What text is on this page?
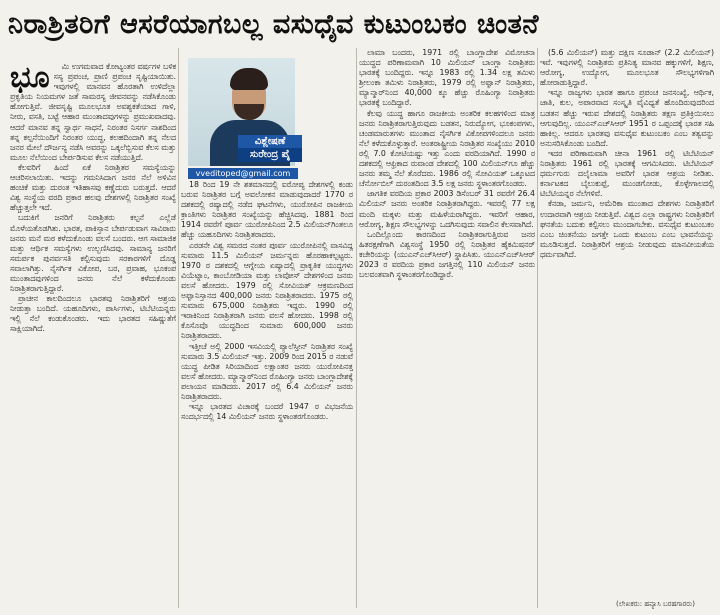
ನಿರಾಶ್ರಿತರಿಗೆ ಆಸರೆಯಾಗಬಲ್ಲ ವಸುಧೈವ ಕುಟುಂಬಕಂ ಚಿಂತನೆ
ಭೂ	ಮಿ ಉಗಮವಾದ ಕೋಟ್ಯಂತರ ವರ್ಷಗಳ ಬಳಿಕ ಸಸ್ಯ ಪ್ರಪಂಚ, ಪ್ರಾಣಿ ಪ್ರಪಂಚ ಸೃಷ್ಟಿಯಾಯಿತು. ಇವುಗಳಲ್ಲಿ ಮಾನವನ ಹೊರತಾಗಿ ಉಳಿದೆಲ್ಲಾ ಪ್ರಕೃತಿಯ ನಿಯಮಗಳ ಜತೆ ಸಾಮರಸ್ಯ ಜೀವನವನ್ನು ನಡೆಸಿಕೊಂಡು ಹೋಗುತ್ತಿವೆ. ಜೀವಸೃಷ್ಟಿ ಮೂಲಭೂತ ಅವಶ್ಯಕತೆಯಾದ ಗಾಳಿ, ನೀರು, ವಸತಿ, ಬಟ್ಟೆ ಆಹಾರ ಮುಂತಾದವುಗಳನ್ನು ಪ್ರಮುಖವಾದವು. ಆದರೆ ಮಾನವ ತನ್ನ ಸ್ವಾರ್ಥ ಸಾಧನೆ, ನಿರಂತರ ನಿಸರ್ಗ ನಾಶದಿಂದ ತನ್ನ ಕಲ್ಪನೆಯಿಂದಿಗೆ ನಿರಂತರ ಯುದ್ಧ, ಕಲಹದಿಂದಾಗಿ ತನ್ನ ನೆಲದ ಜನರ ಮೇಲೆ ದೌರ್ಜನ್ಯ ನಡೆಸಿ ಅವರನ್ನು ಒಕ್ಕಲೆಬ್ಬಿಸುವ ಕೆಲಸ ಮತ್ತು ಮೂಲ ನೆಲೆಯಿಂದ ಬೇರ್ಪಡಿಸುವ ಕೆಲಸ ನಡೆಯುತ್ತಿದೆ.

ಕೆಲವರಿಗೆ ಹಿಂದೆ ಏಕೆ ನಿರಾಶ್ರಿತರ ಸಮಸ್ಯೆಯನ್ನು ಆಚರಿಸಲಾಯಿತು. ಇದನ್ನು ಗಮನಿಸಿದಾಗ ಜನರ ನೆಲೆ ಅಳಿವಿನ ಹಂಚಿಕೆ ಮತ್ತು ದುರಂತ ಇತಿಹಾಸವು ಕಣ್ಣೆದುರು ಬರುತ್ತದೆ. ಆದರೆ ವಿಶ್ವ ಸಂಸ್ಥೆಯ ವರದಿ ಪ್ರಕಾರ ಹಲವು ದೇಶಗಳಲ್ಲಿ ನಿರಾಶ್ರಿತರ ಸಂಖ್ಯೆ ಹೆಚ್ಚುತ್ತಲೇ ಇದೆ.

ಬದುಕಿಗೆ ಜನರಿಗೆ ನಿರಾಶ್ರಿತರು ಕಲ್ಪನೆ ಎಲ್ಲೆಡೆ ಮೊಳೆಯತೊಡಗಿತು. ಭಾರತ, ಪಾಕಿಸ್ತಾನ ಬೇರ್ಪಡುವಾಗ ಸಾವಿರಾರು ಜನರು ಮನೆ ಮಠ ಕಳೆದುಕೊಂಡು ವಲಸೆ ಬಂದರು. ಆಗ ಸಾಮಾಜಿಕ ಮತ್ತು ಆರ್ಥಿಕ ಸಮಸ್ಯೆಗಳು ಉಲ್ಬಣಿಸಿದವು. ಸಾಮಾನ್ಯ ಜನರಿಗೆ ಸಮರ್ಪಕ ಪುನರ್ವಸತಿ ಕಲ್ಪಿಸುವುದು ಸರಕಾರಗಳಿಗೆ ದೊಡ್ಡ ಸವಾಲಾಗಿತ್ತು. ನೈಸರ್ಗಿಕ ವಿಕೋಪ, ಬರ, ಪ್ರವಾಹ, ಭೂಕಂಪ ಮುಂತಾದವುಗಳಿಂದ ಜನರು ನೆಲೆ ಕಳೆದುಕೊಂಡು ನಿರಾಶ್ರಿತರಾಗುತ್ತಿದ್ದಾರೆ.

ಪ್ರಾಚೀನ ಕಾಲದಿಂದಲೂ ಭಾರತವು ನಿರಾಶ್ರಿತರಿಗೆ ಆಶ್ರಯ ನೀಡುತ್ತಾ ಬಂದಿದೆ. ಯಹೂದಿಗಳು, ಪಾರ್ಸಿಗಳು, ಟಿಬೆಟಿಯನ್ನರು ಇಲ್ಲಿ ನೆಲೆ ಕಂಡುಕೊಂಡರು. ಇದು ಭಾರತದ ಸಹಿಷ್ಣುತೆಗೆ ಸಾಕ್ಷಿಯಾಗಿದೆ.

ವಿಶ್ಲೇಷಣೆ
ಸುರೇಂದ್ರ ಪೈ
vveditoped@gmail.com

18 ರಿಂದ 19 ನೇ ಶತಮಾನದಲ್ಲಿ ಐರೋಪ್ಯ ದೇಶಗಳಲ್ಲಿ ಕಂಡು ಬರುವ ನಿರಾಶ್ರಿತರ ಬಗ್ಗೆ ಅವಲೋಕನ ಮಾಡುವುದಾದರೆ 1770 ರ ದಶಕದಲ್ಲಿ ರಷ್ಯಾದಲ್ಲಿ ನಡೆದ ಘಟನೆಗಳು, ಯುರೋಪಿನ ರಾಜಕೀಯ ಕ್ರಾಂತಿಗಳು ನಿರಾಶ್ರಿತರ ಸಂಖ್ಯೆಯನ್ನು ಹೆಚ್ಚಿಸಿದವು. 1881 ರಿಂದ 1914 ರವರೆಗೆ ಪೂರ್ವ ಯುರೋಪಿನಿಂದ 2.5 ಮಿಲಿಯನ್‌ಗಿಂತಲೂ ಹೆಚ್ಚು ಯಹೂದಿಗಳು ನಿರಾಶ್ರಿತರಾದರು.

ಎರಡನೇ ವಿಶ್ವ ಸಮರದ ನಂತರ ಪೂರ್ವ ಯುರೋಪಿನಲ್ಲಿ ವಾಸವಿದ್ದ ಸುಮಾರು 11.5 ಮಿಲಿಯನ್ ಜರ್ಮನ್ನರು ಹೊರಹಾಕಲ್ಪಟ್ಟರು. 1970 ರ ದಶಕದಲ್ಲಿ ಆಗ್ನೇಯ ಏಷ್ಯಾದಲ್ಲಿ ಪ್ರಾಕೃತಿಕ ಯುದ್ಧಗಳು ವಿಯೆಟ್ನಾಂ, ಕಾಂಬೋಡಿಯಾ ಮತ್ತು ಲಾವೋಸ್ ದೇಶಗಳಿಂದ ಜನರು ವಲಸೆ ಹೋದರು. 1979 ರಲ್ಲಿ ಸೋವಿಯತ್ ಆಕ್ರಮಣದಿಂದ ಅಫ್ಘಾನಿಸ್ತಾನದ 400,000 ಜನರು ನಿರಾಶ್ರಿತರಾದರು. 1975 ರಲ್ಲಿ ಸುಮಾರು 675,000 ನಿರಾಶ್ರಿತರು ಇದ್ದರು. 1990 ರಲ್ಲಿ ಇರಾಕಿನಿಂದ ನಿರಾಶ್ರಿತರಾಗಿ ಜನರು ವಲಸೆ ಹೋದರು. 1998 ರಲ್ಲಿ ಕೊಸೊವೊ ಯುದ್ಧದಿಂದ ಸುಮಾರು 600,000 ಜನರು ನಿರಾಶ್ರಿತರಾದರು.

ಇತ್ತೀಚೆ ಅಲ್ಲಿ 2000 ಇಸವಿಯಲ್ಲಿ ಪ್ಯಾಲೆಸ್ತೀನ್ ನಿರಾಶ್ರಿತರ ಸಂಖ್ಯೆ ಸುಮಾರು 3.5 ಮಿಲಿಯನ್ ಇತ್ತು. 2009 ರಿಂದ 2015 ರ ನಡುವೆ ಯುದ್ಧ ಪೀಡಿತ ಸಿರಿಯಾದಿಂದ ಲಕ್ಷಾಂತರ ಜನರು ಯುರೋಪಿನತ್ತ ವಲಸೆ ಹೋದರು. ಮ್ಯಾನ್ಮಾರ್‌ನಿಂದ ರೊಹಿಂಗ್ಯಾ ಜನರು ಬಾಂಗ್ಲಾದೇಶಕ್ಕೆ ಪಲಾಯನ ಮಾಡಿದರು. 2017 ರಲ್ಲಿ 6.4 ಮಿಲಿಯನ್ ಜನರು ನಿರಾಶ್ರಿತರಾದರು.

ಇನ್ನೂ ಭಾರತದ ವಿಚಾರಕ್ಕೆ ಬಂದರೆ 1947 ರ ವಿಭಜನೆಯ ಸಂದರ್ಭದಲ್ಲಿ 14 ಮಿಲಿಯನ್ ಜನರು ಸ್ಥಳಾಂತರಗೊಂಡರು.

ಲಾಮಾ ಬಂದರು, 1971 ರಲ್ಲಿ ಬಾಂಗ್ಲಾದೇಶ ವಿಮೋಚನಾ ಯುದ್ಧದ ಪರಿಣಾಮವಾಗಿ 10 ಮಿಲಿಯನ್ ಬಾಂಗ್ಲಾ ನಿರಾಶ್ರಿತರು ಭಾರತಕ್ಕೆ ಬಂದಿದ್ದರು. ಇನ್ನೂ 1983 ರಲ್ಲಿ 1.34 ಲಕ್ಷ ತಮಿಳು ಶ್ರೀಲಂಕಾ ತಮಿಳು ನಿರಾಶ್ರಿತರು, 1979 ರಲ್ಲಿ ಅಫ್ಘಾನ್ ನಿರಾಶ್ರಿತರು, ಮ್ಯಾನ್ಮಾರ್‌ನಿಂದ 40,000 ಕ್ಕೂ ಹೆಚ್ಚು ರೊಹಿಂಗ್ಯಾ ನಿರಾಶ್ರಿತರು ಭಾರತಕ್ಕೆ ಬಂದಿದ್ದಾರೆ.

ಕೆಲವು ಯುದ್ಧ ಹಾಗೂ ರಾಜಕೀಯ ಅಂತರಿಕ ಕಲಹಗಳಿಂದ ಮಾತ್ರ ಜನರು ನಿರಾಶ್ರಿತರಾಗುತ್ತಿರುವುದು ಬಡತನ, ನಿರುದ್ಯೋಗ, ಭೂಕಂಪಗಳು, ಚಂಡಮಾರುತಗಳು ಮುಂತಾದ ನೈಸರ್ಗಿಕ ವಿಕೋಪಗಳಿಂದಲೂ ಜನರು ನೆಲೆ ಕಳೆದುಕೊಳ್ಳುತ್ತಾರೆ. ಅಂತರಾಷ್ಟ್ರೀಯ ನಿರಾಶ್ರಿತರ ಸಂಖ್ಯೆಯು 2010 ರಲ್ಲಿ 7.0 ಕೋಟಿಯಷ್ಟು ಇತ್ತು ಎಂದು ವರದಿಯಾಗಿದೆ. 1990 ರ ದಶಕದಲ್ಲಿ ಆಫ್ರಿಕಾದ ರುವಾಂಡ ದೇಶದಲ್ಲಿ 100 ಮಿಲಿಯನ್‌ಗೂ ಹೆಚ್ಚು ಜನರು ತಮ್ಮ ನೆಲೆ ತೊರೆದರು. 1986 ರಲ್ಲಿ ಸೋವಿಯತ್ ಒಕ್ಕೂಟದ ಚೆರ್ನೋಬಿಲ್ ದುರಂತದಿಂದ 3.5 ಲಕ್ಷ ಜನರು ಸ್ಥಳಾಂತರಗೊಂಡರು.

ಜಾಗತಿಕ ವರದಿಯ ಪ್ರಕಾರ 2003 ಡಿಸೆಂಬರ್ 31 ರವರೆಗೆ 26.4 ಮಿಲಿಯನ್ ಜನರು ಅಂತರಿಕ ನಿರಾಶ್ರಿತರಾಗಿದ್ದರು. ಇವರಲ್ಲಿ 77 ಲಕ್ಷ ಮಂದಿ ಮಕ್ಕಳು ಮತ್ತು ಮಹಿಳೆಯರಾಗಿದ್ದರು. ಇವರಿಗೆ ಆಹಾರ, ಆರೋಗ್ಯ, ಶಿಕ್ಷಣ ಸೌಲಭ್ಯಗಳನ್ನು ಒದಗಿಸುವುದು ಸವಾಲಿನ ಕೆಲಸವಾಗಿದೆ.

ಒಂದಿಲ್ಲೊಂದು ಕಾರಣದಿಂದ ನಿರಾಶ್ರಿತರಾಗುತ್ತಿರುವ ಜನರ ಹಿತರಕ್ಷಣೆಗಾಗಿ ವಿಶ್ವಸಂಸ್ಥೆ 1950 ರಲ್ಲಿ ನಿರಾಶ್ರಿತರ ಹೈಕಮಿಷನರ್ ಕಚೇರಿಯನ್ನು (ಯುಎನ್‌ಎಚ್‌ಸಿಆರ್) ಸ್ಥಾಪಿಸಿತು. ಯುಎನ್‌ಎಚ್‌ಸಿಆರ್ 2023 ರ ವರದಿಯ ಪ್ರಕಾರ ಜಗತ್ತಿನಲ್ಲಿ 110 ಮಿಲಿಯನ್ ಜನರು ಬಲವಂತವಾಗಿ ಸ್ಥಳಾಂತರಗೊಂಡಿದ್ದಾರೆ.

(5.6 ಮಿಲಿಯನ್) ಮತ್ತು ದಕ್ಷಿಣ ಸೂಡಾನ್ (2.2 ಮಿಲಿಯನ್) ಇವೆ. ಇವುಗಳಲ್ಲಿ ನಿರಾಶ್ರಿತರು ಪ್ರತಿನಿತ್ಯ ಮಾನವ ಹಕ್ಕುಗಳಿಗೆ, ಶಿಕ್ಷಣ, ಆರೋಗ್ಯ, ಉದ್ಯೋಗ, ಮೂಲಭೂತ ಸೌಲಭ್ಯಗಳಿಗಾಗಿ ಹೋರಾಡುತ್ತಿದ್ದಾರೆ.

ಇನ್ನೂ ರಾಜ್ಯಗಳು ಭಾರತ ಹಾಗೂ ಪ್ರಪಂಚ ಜನಸಂಖ್ಯೆ, ಆರ್ಥಿಕ, ಜಾತಿ, ಕುಲ, ಅಪಾರವಾದ ಸಂಸ್ಕೃತಿ ವೈವಿಧ್ಯತೆ ಹೊಂದಿರುವುದರಿಂದ ಬಡತನ ಹೆಚ್ಚು ಇರುವ ದೇಶದಲ್ಲಿ ನಿರಾಶ್ರಿತರು ತಕ್ಷಣ ಪ್ರತಿಕ್ರಿಯಿಸಲು ಆಗುವುದಿಲ್ಲ. ಯುಎನ್‌ಎಚ್‌ಸಿಆರ್ 1951 ರ ಒಪ್ಪಂದಕ್ಕೆ ಭಾರತ ಸಹಿ ಹಾಕಿಲ್ಲ. ಆದರೂ ಭಾರತವು ವಸುಧೈವ ಕುಟುಂಬಕಂ ಎಂಬ ತತ್ವವನ್ನು ಅನುಸರಿಸಿಕೊಂಡು ಬಂದಿದೆ.

ಇದರ ಪರಿಣಾಮವಾಗಿ ಚೀನಾ 1961 ರಲ್ಲಿ ಟಿಬೆಟಿಯನ್ ನಿರಾಶ್ರಿತರು 1961 ರಲ್ಲಿ ಭಾರತಕ್ಕೆ ಆಗಮಿಸಿದರು. ಟಿಬೆಟಿಯನ್ ಧರ್ಮಗುರು ದಲೈಲಾಮಾ ಅವರಿಗೆ ಭಾರತ ಆಶ್ರಯ ನೀಡಿತು. ಕರ್ನಾಟಕದ ಬೈಲುಕುಪ್ಪೆ, ಮುಂಡಗೋಡು, ಕೊಳ್ಳೇಗಾಲದಲ್ಲಿ ಟಿಬೆಟಿಯನ್ನರ ನೆಲೆಗಳಿವೆ.

ಕೆನಡಾ, ಜರ್ಮನಿ, ಅಮೆರಿಕಾ ಮುಂತಾದ ದೇಶಗಳು ನಿರಾಶ್ರಿತರಿಗೆ ಉದಾರವಾಗಿ ಆಶ್ರಯ ನೀಡುತ್ತಿವೆ. ವಿಶ್ವದ ಎಲ್ಲಾ ರಾಷ್ಟ್ರಗಳು ನಿರಾಶ್ರಿತರಿಗೆ ಘನತೆಯ ಬದುಕು ಕಲ್ಪಿಸಲು ಮುಂದಾಗಬೇಕು. ವಸುಧೈವ ಕುಟುಂಬಕಂ ಎಂಬ ಚಿಂತನೆಯು ಜಗತ್ತೇ ಒಂದು ಕುಟುಂಬ ಎಂಬ ಭಾವನೆಯನ್ನು ಮೂಡಿಸುತ್ತದೆ. ನಿರಾಶ್ರಿತರಿಗೆ ಆಶ್ರಯ ನೀಡುವುದು ಮಾನವೀಯತೆಯ ಧರ್ಮವಾಗಿದೆ.

(ಲೇಖಕರು: ಹವ್ಯಾಸಿ ಬರಹಗಾರರು)
